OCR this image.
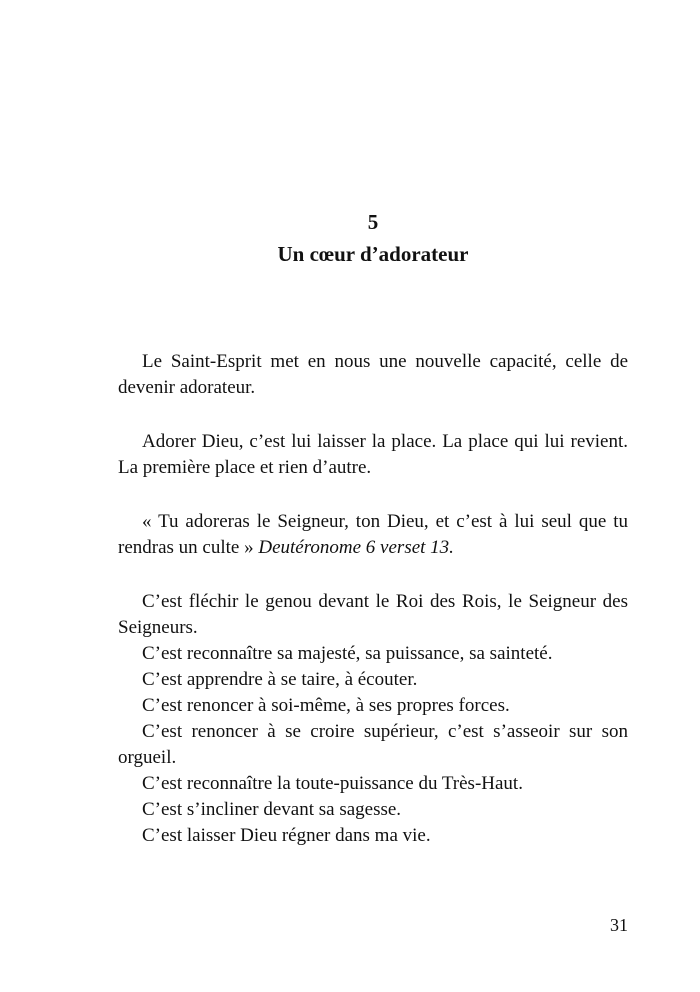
5
Un cœur d’adorateur

Le Saint-Esprit met en nous une nouvelle capacité, celle de devenir adorateur.

Adorer Dieu, c’est lui laisser la place. La place qui lui revient. La première place et rien d’autre.

« Tu adoreras le Seigneur, ton Dieu, et c’est à lui seul que tu rendras un culte » Deutéronome 6 verset 13.

C’est fléchir le genou devant le Roi des Rois, le Seigneur des Seigneurs.

C’est reconnaître sa majesté, sa puissance, sa sainteté.

C’est apprendre à se taire, à écouter.

C’est renoncer à soi-même, à ses propres forces.

C’est renoncer à se croire supérieur, c’est s’asseoir sur son orgueil.

C’est reconnaître la toute-puissance du Très-Haut.

C’est s’incliner devant sa sagesse.

C’est laisser Dieu régner dans ma vie.

31
